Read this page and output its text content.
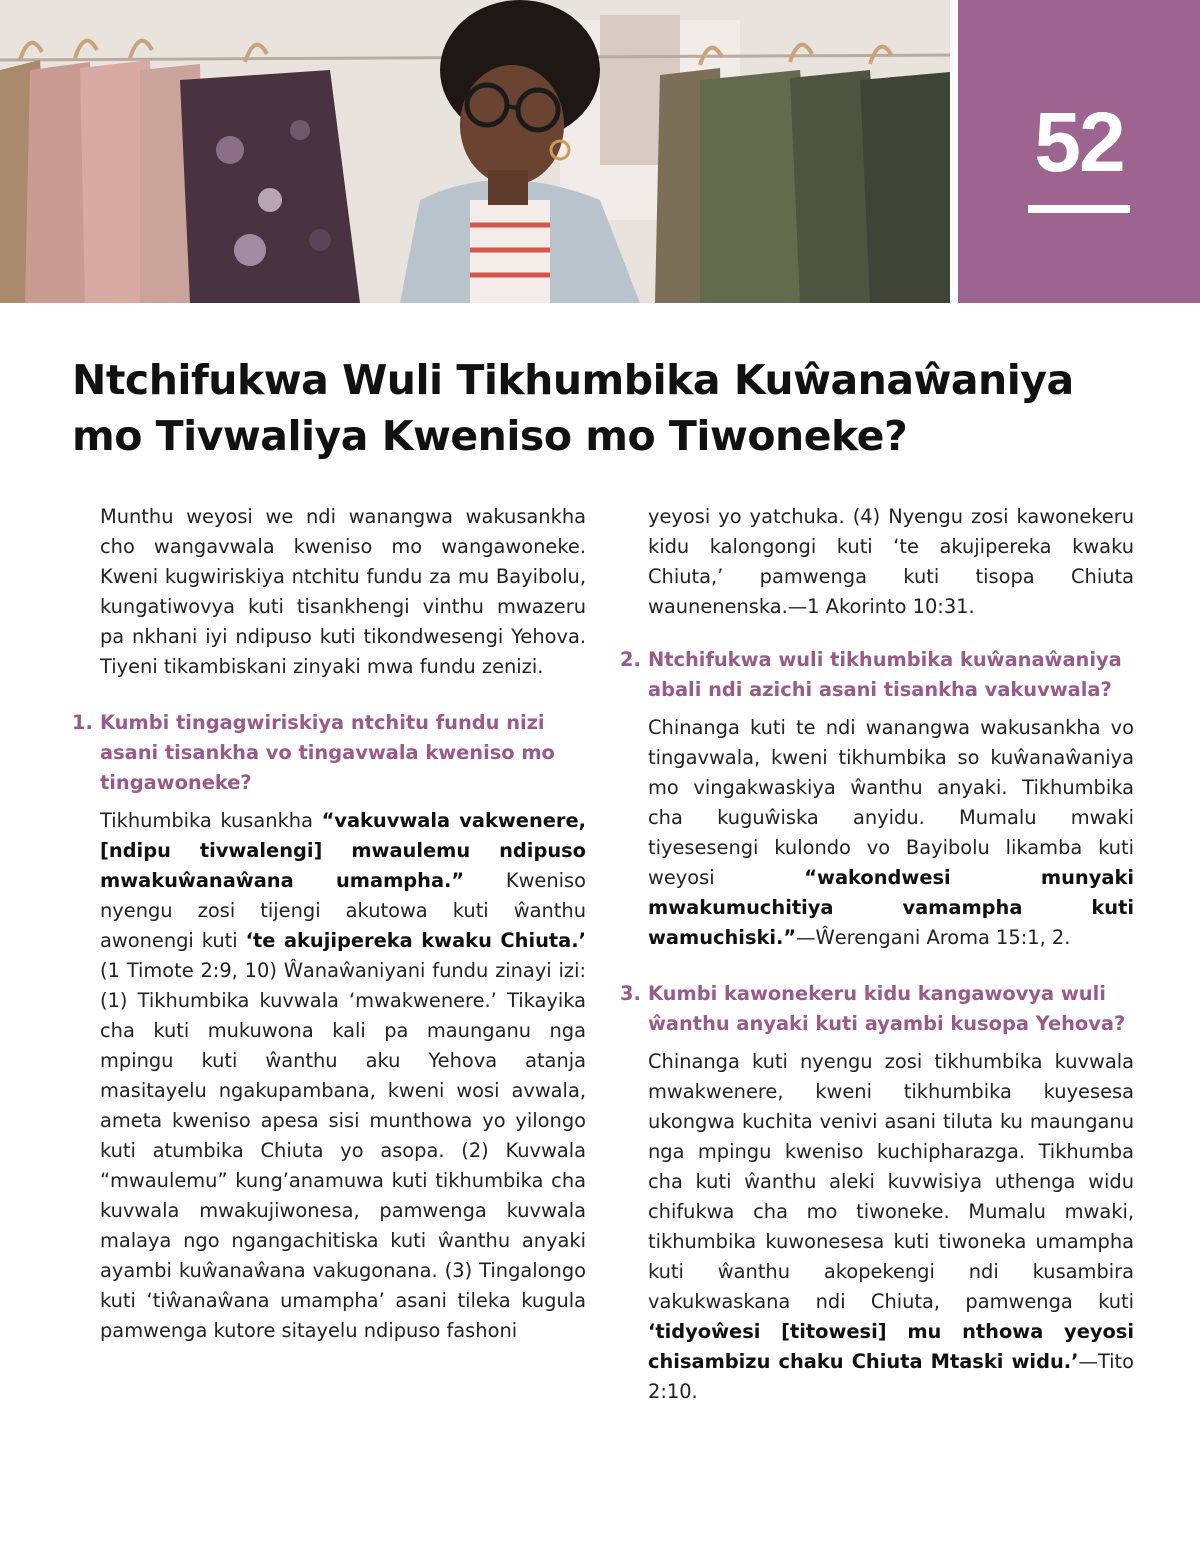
52
Ntchifukwa Wuli Tikhumbika Kuŵanaŵaniya
mo Tivwaliya Kweniso mo Tiwoneke?

Munthu weyosi we ndi wanangwa wakusankha cho wangavwala kweniso mo wangawoneke. Kweni kugwiriskiya ntchitu fundu za mu Bayibolu, kungatiwovya kuti tisankhengi vinthu mwazeru pa nkhani iyi ndipuso kuti tikondwesengi Yehova. Tiyeni tikambiskani zinyaki mwa fundu zenizi.

1. Kumbi tingagwiriskiya ntchitu fundu nizi asani tisankha vo tingavwala kweniso mo tingawoneke?

Tikhumbika kusankha “vakuvwala vakwenere, [ndipu tivwalengi] mwaulemu ndipuso mwakuŵanaŵana umampha.” Kweniso nyengu zosi tijengi akutowa kuti ŵanthu awonengi kuti ‘te akujipereka kwaku Chiuta.’ (1 Timote 2:9, 10) Ŵanaŵaniyani fundu zinayi izi: (1) Tikhumbika kuvwala ‘mwakwenere.’ Tikayika cha kuti mukuwona kali pa maunganu nga mpingu kuti ŵanthu aku Yehova atanja masitayelu ngakupambana, kweni wosi avwala, ameta kweniso apesa sisi munthowa yo yilongo kuti atumbika Chiuta yo asopa. (2) Kuvwala “mwaulemu” kung’anamuwa kuti tikhumbika cha kuvwala mwakujiwonesa, pamwenga kuvwala malaya ngo ngangachitiska kuti ŵanthu anyaki ayambi kuŵanaŵana vakugonana. (3) Tingalongo kuti ‘tiŵanaŵana umampha’ asani tileka kugula pamwenga kutore sitayelu ndipuso fashoni

yeyosi yo yatchuka. (4) Nyengu zosi kawonekeru kidu kalongongi kuti ‘te akujipereka kwaku Chiuta,’ pamwenga kuti tisopa Chiuta waunenenska.—1 Akorinto 10:31.

2. Ntchifukwa wuli tikhumbika kuŵanaŵaniya abali ndi azichi asani tisankha vakuvwala?

Chinanga kuti te ndi wanangwa wakusankha vo tingavwala, kweni tikhumbika so kuŵanaŵaniya mo vingakwaskiya ŵanthu anyaki. Tikhumbika cha kuguŵiska anyidu. Mumalu mwaki tiyesesengi kulondo vo Bayibolu likamba kuti weyosi “wakondwesi munyaki mwakumuchitiya vamampha kuti wamuchiski.”—Ŵerengani Aroma 15:1, 2.

3. Kumbi kawonekeru kidu kangawovya wuli ŵanthu anyaki kuti ayambi kusopa Yehova?

Chinanga kuti nyengu zosi tikhumbika kuvwala mwakwenere, kweni tikhumbika kuyesesa ukongwa kuchita venivi asani tiluta ku maunganu nga mpingu kweniso kuchipharazga. Tikhumba cha kuti ŵanthu aleki kuvwisiya uthenga widu chifukwa cha mo tiwoneke. Mumalu mwaki, tikhumbika kuwonesesa kuti tiwoneka umampha kuti ŵanthu akopekengi ndi kusambira vakukwaskana ndi Chiuta, pamwenga kuti ‘tidyoŵesi [titowesi] mu nthowa yeyosi chisambizu chaku Chiuta Mtaski widu.’—Tito 2:10.
